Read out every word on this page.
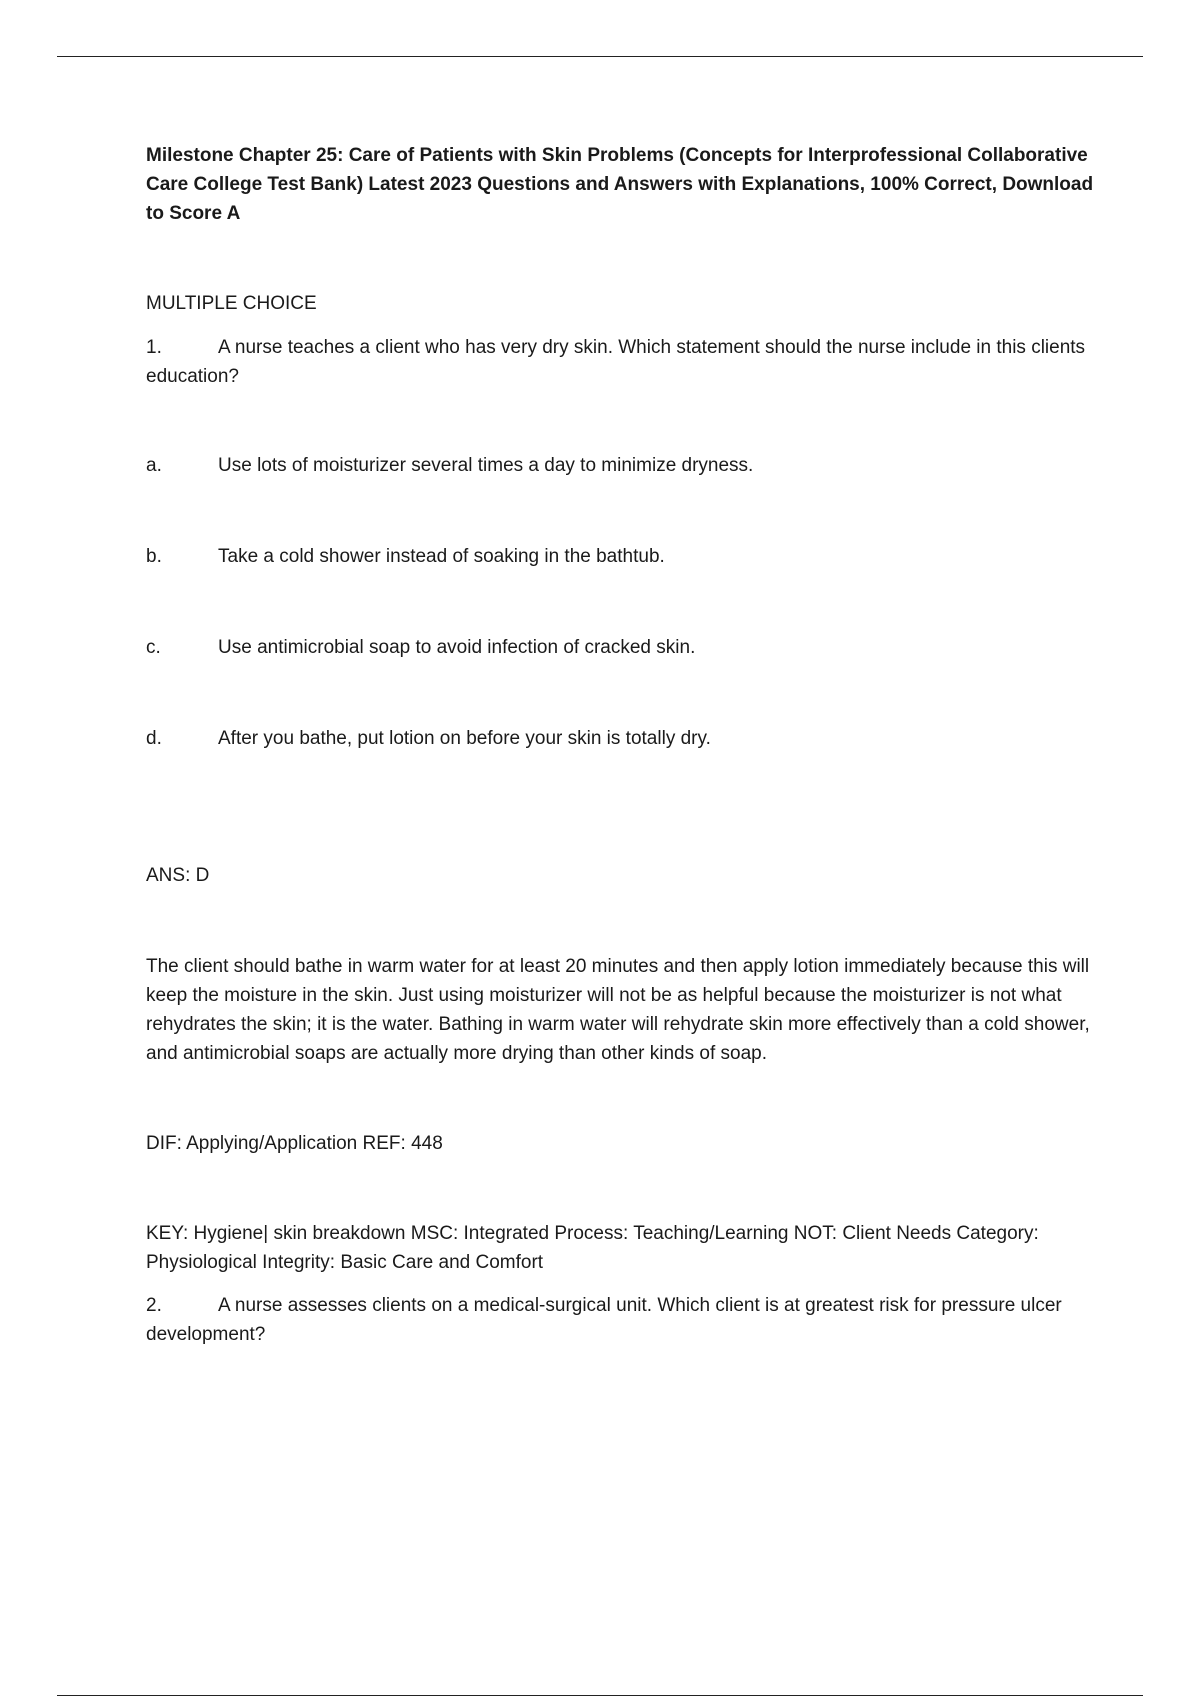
Milestone Chapter 25: Care of Patients with Skin Problems (Concepts for Interprofessional Collaborative Care College Test Bank) Latest 2023 Questions and Answers with Explanations, 100% Correct, Download to Score A

MULTIPLE CHOICE

1.	A nurse teaches a client who has very dry skin. Which statement should the nurse include in this clients education?

a.	Use lots of moisturizer several times a day to minimize dryness.

b.	Take a cold shower instead of soaking in the bathtub.

c.	Use antimicrobial soap to avoid infection of cracked skin.

d.	After you bathe, put lotion on before your skin is totally dry.

ANS: D

The client should bathe in warm water for at least 20 minutes and then apply lotion immediately because this will keep the moisture in the skin. Just using moisturizer will not be as helpful because the moisturizer is not what rehydrates the skin; it is the water. Bathing in warm water will rehydrate skin more effectively than a cold shower, and antimicrobial soaps are actually more drying than other kinds of soap.

DIF: Applying/Application REF: 448

KEY: Hygiene| skin breakdown MSC: Integrated Process: Teaching/Learning NOT: Client Needs Category: Physiological Integrity: Basic Care and Comfort

2.	A nurse assesses clients on a medical-surgical unit. Which client is at greatest risk for pressure ulcer development?
